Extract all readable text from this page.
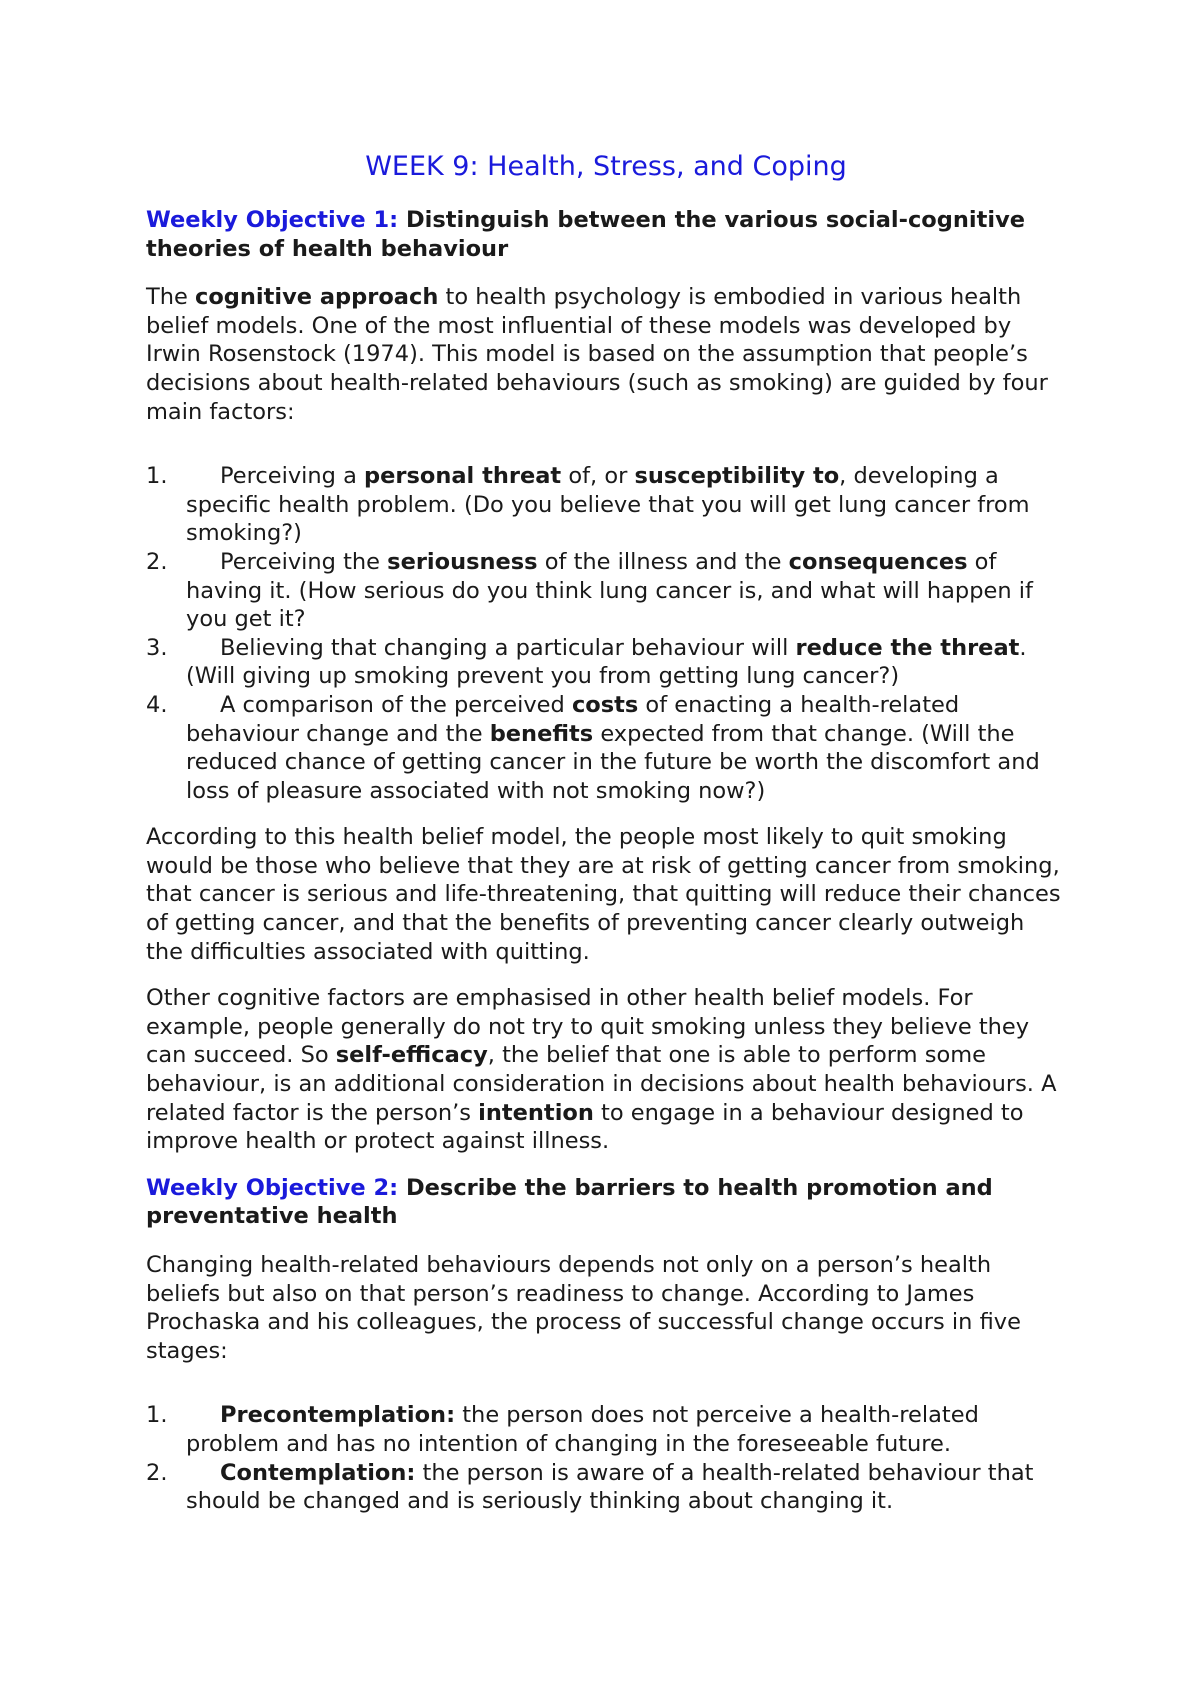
WEEK 9: Health, Stress, and Coping
Weekly Objective 1: Distinguish between the various social-cognitive theories of health behaviour

The cognitive approach to health psychology is embodied in various health belief models. One of the most influential of these models was developed by Irwin Rosenstock (1974). This model is based on the assumption that people’s decisions about health-related behaviours (such as smoking) are guided by four main factors:

1. Perceiving a personal threat of, or susceptibility to, developing a specific health problem. (Do you believe that you will get lung cancer from smoking?)
2. Perceiving the seriousness of the illness and the consequences of having it. (How serious do you think lung cancer is, and what will happen if you get it?
3. Believing that changing a particular behaviour will reduce the threat. (Will giving up smoking prevent you from getting lung cancer?)
4. A comparison of the perceived costs of enacting a health-related behaviour change and the benefits expected from that change. (Will the reduced chance of getting cancer in the future be worth the discomfort and loss of pleasure associated with not smoking now?)

According to this health belief model, the people most likely to quit smoking would be those who believe that they are at risk of getting cancer from smoking, that cancer is serious and life-threatening, that quitting will reduce their chances of getting cancer, and that the benefits of preventing cancer clearly outweigh the difficulties associated with quitting.

Other cognitive factors are emphasised in other health belief models. For example, people generally do not try to quit smoking unless they believe they can succeed. So self-efficacy, the belief that one is able to perform some behaviour, is an additional consideration in decisions about health behaviours. A related factor is the person’s intention to engage in a behaviour designed to improve health or protect against illness.

Weekly Objective 2: Describe the barriers to health promotion and preventative health

Changing health-related behaviours depends not only on a person’s health beliefs but also on that person’s readiness to change. According to James Prochaska and his colleagues, the process of successful change occurs in five stages:

1. Precontemplation: the person does not perceive a health-related problem and has no intention of changing in the foreseeable future.
2. Contemplation: the person is aware of a health-related behaviour that should be changed and is seriously thinking about changing it.
